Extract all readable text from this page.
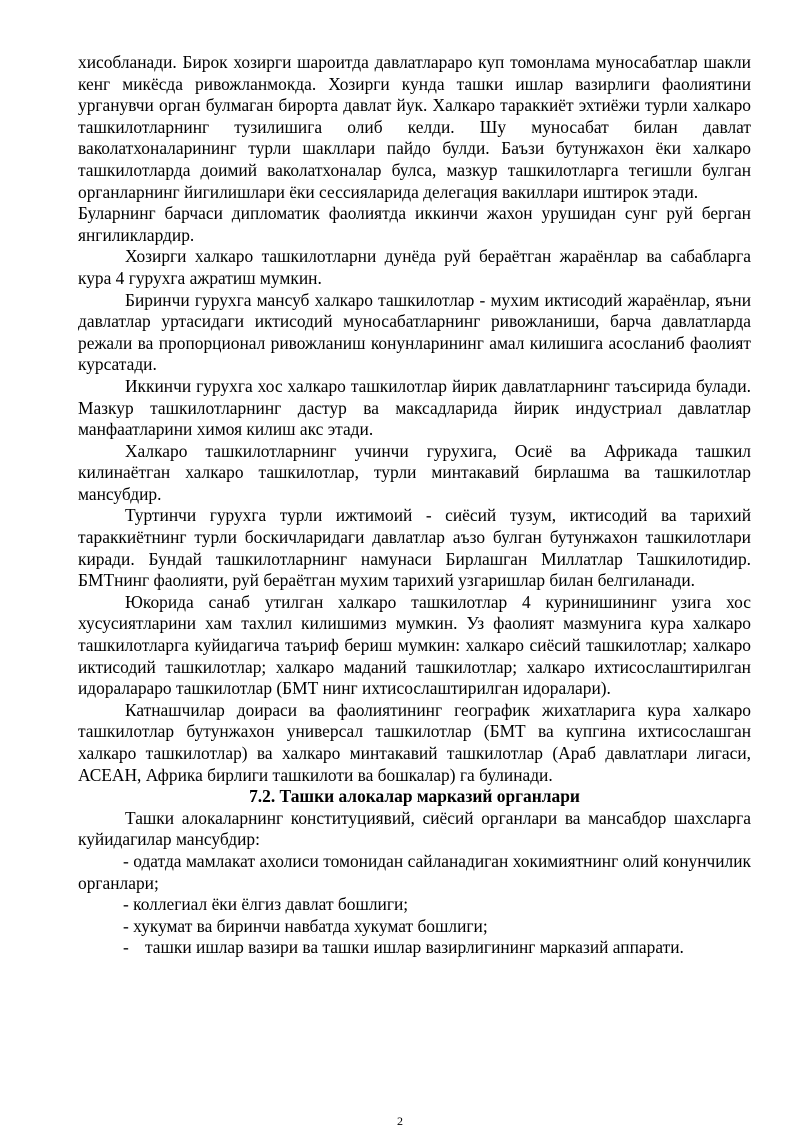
хисобланади. Бирок хозирги шароитда давлатлараро куп томонлама муносабатлар шакли кенг микёсда ривожланмокда. Хозирги кунда ташки ишлар вазирлиги фаолиятини урганувчи орган булмаган бирорта давлат йук. Халкаро тараккиёт эхтиёжи турли халкаро ташкилотларнинг тузилишига олиб келди. Шу муносабат билан давлат ваколатхоналарининг турли шакллари пайдо булди. Баъзи бутунжахон ёки халкаро ташкилотларда доимий ваколатхоналар булса, мазкур ташкилотларга тегишли булган органларнинг йигилишлари ёки сессияларида делегация вакиллари иштирок этади.

Буларнинг барчаси дипломатик фаолиятда иккинчи жахон урушидан сунг руй берган янгиликлардир.

Хозирги халкаро ташкилотларни дунёда руй бераётган жараёнлар ва сабабларга кура 4 гурухга ажратиш мумкин.

Биринчи гурухга мансуб халкаро ташкилотлар - мухим иктисодий жараёнлар, яъни давлатлар уртасидаги иктисодий муносабатларнинг ривожланиши, барча давлатларда режали ва пропорционал ривожланиш конунларининг амал килишига асосланиб фаолият курсатади.

Иккинчи гурухга хос халкаро ташкилотлар йирик давлатларнинг таъсирида булади. Мазкур ташкилотларнинг дастур ва максадларида йирик индустриал давлатлар манфаатларини химоя килиш акс этади.

Халкаро ташкилотларнинг учинчи гурухига, Осиё ва Африкада ташкил килинаётган халкаро ташкилотлар, турли минтакавий бирлашма ва ташкилотлар мансубдир.

Туртинчи гурухга турли ижтимоий - сиёсий тузум, иктисодий ва тарихий тараккиётнинг турли боскичларидаги давлатлар аъзо булган бутунжахон ташкилотлари киради. Бундай ташкилотларнинг намунаси Бирлашган Миллатлар Ташкилотидир. БМТнинг фаолияти, руй бераётган мухим тарихий узгаришлар билан белгиланади.

Юкорида санаб утилган халкаро ташкилотлар 4 куринишининг узига хос хусусиятларини хам тахлил килишимиз мумкин. Уз фаолият мазмунига кура халкаро ташкилотларга куйидагича таъриф бериш мумкин: халкаро сиёсий ташкилотлар; халкаро иктисодий ташкилотлар; халкаро маданий ташкилотлар; халкаро ихтисослаштирилган идоралараро ташкилотлар (БМТ нинг ихтисослаштирилган идоралари).

Катнашчилар доираси ва фаолиятининг географик жихатларига кура халкаро ташкилотлар бутунжахон универсал ташкилотлар (БМТ ва купгина ихтисослашган халкаро ташкилотлар) ва халкаро минтакавий ташкилотлар (Араб давлатлари лигаси, АСЕАН, Африка бирлиги ташкилоти ва бошкалар) га булинади.

7.2. Ташки алокалар марказий органлари

Ташки алокаларнинг конституциявий, сиёсий органлари ва мансабдор шахсларга куйидагилар мансубдир:

- одатда мамлакат ахолиси томонидан сайланадиган хокимиятнинг олий конунчилик органлари;

- коллегиал ёки ёлгиз давлат бошлиги;

- хукумат ва биринчи навбатда хукумат бошлиги;

- ташки ишлар вазири ва ташки ишлар вазирлигининг марказий аппарати.

2
